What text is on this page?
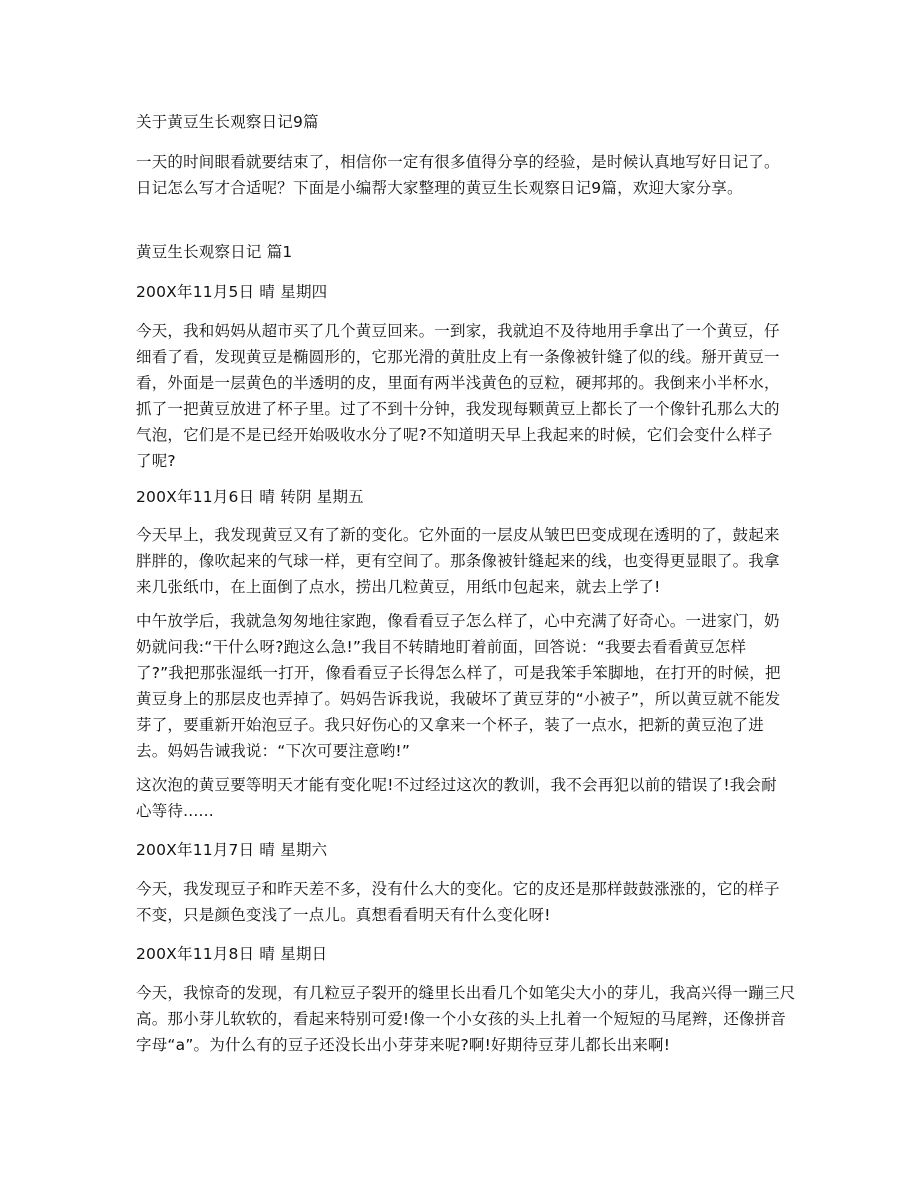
关于黄豆生长观察日记9篇

一天的时间眼看就要结束了，相信你一定有很多值得分享的经验，是时候认真地写好日记了。日记怎么写才合适呢？下面是小编帮大家整理的黄豆生长观察日记9篇，欢迎大家分享。

黄豆生长观察日记 篇1

200X年11月5日 晴 星期四

今天，我和妈妈从超市买了几个黄豆回来。一到家，我就迫不及待地用手拿出了一个黄豆，仔细看了看，发现黄豆是椭圆形的，它那光滑的黄肚皮上有一条像被针缝了似的线。掰开黄豆一看，外面是一层黄色的半透明的皮，里面有两半浅黄色的豆粒，硬邦邦的。我倒来小半杯水，抓了一把黄豆放进了杯子里。过了不到十分钟，我发现每颗黄豆上都长了一个像针孔那么大的气泡，它们是不是已经开始吸收水分了呢?不知道明天早上我起来的时候，它们会变什么样子了呢?

200X年11月6日 晴 转阴 星期五

今天早上，我发现黄豆又有了新的变化。它外面的一层皮从皱巴巴变成现在透明的了，鼓起来胖胖的，像吹起来的气球一样，更有空间了。那条像被针缝起来的线，也变得更显眼了。我拿来几张纸巾，在上面倒了点水，捞出几粒黄豆，用纸巾包起来，就去上学了!

中午放学后，我就急匆匆地往家跑，像看看豆子怎么样了，心中充满了好奇心。一进家门，奶奶就问我:“干什么呀?跑这么急!”我目不转睛地盯着前面，回答说：“我要去看看黄豆怎样了?”我把那张湿纸一打开，像看看豆子长得怎么样了，可是我笨手笨脚地，在打开的时候，把黄豆身上的那层皮也弄掉了。妈妈告诉我说，我破坏了黄豆芽的“小被子”，所以黄豆就不能发芽了，要重新开始泡豆子。我只好伤心的又拿来一个杯子，装了一点水，把新的黄豆泡了进去。妈妈告诫我说：“下次可要注意哟!”

这次泡的黄豆要等明天才能有变化呢!不过经过这次的教训，我不会再犯以前的错误了!我会耐心等待......

200X年11月7日 晴 星期六

今天，我发现豆子和昨天差不多，没有什么大的变化。它的皮还是那样鼓鼓涨涨的，它的样子不变，只是颜色变浅了一点儿。真想看看明天有什么变化呀!

200X年11月8日 晴 星期日

今天，我惊奇的发现，有几粒豆子裂开的缝里长出看几个如笔尖大小的芽儿，我高兴得一蹦三尺高。那小芽儿软软的，看起来特别可爱!像一个小女孩的头上扎着一个短短的马尾辫，还像拼音字母“a”。为什么有的豆子还没长出小芽芽来呢?啊!好期待豆芽儿都长出来啊!
